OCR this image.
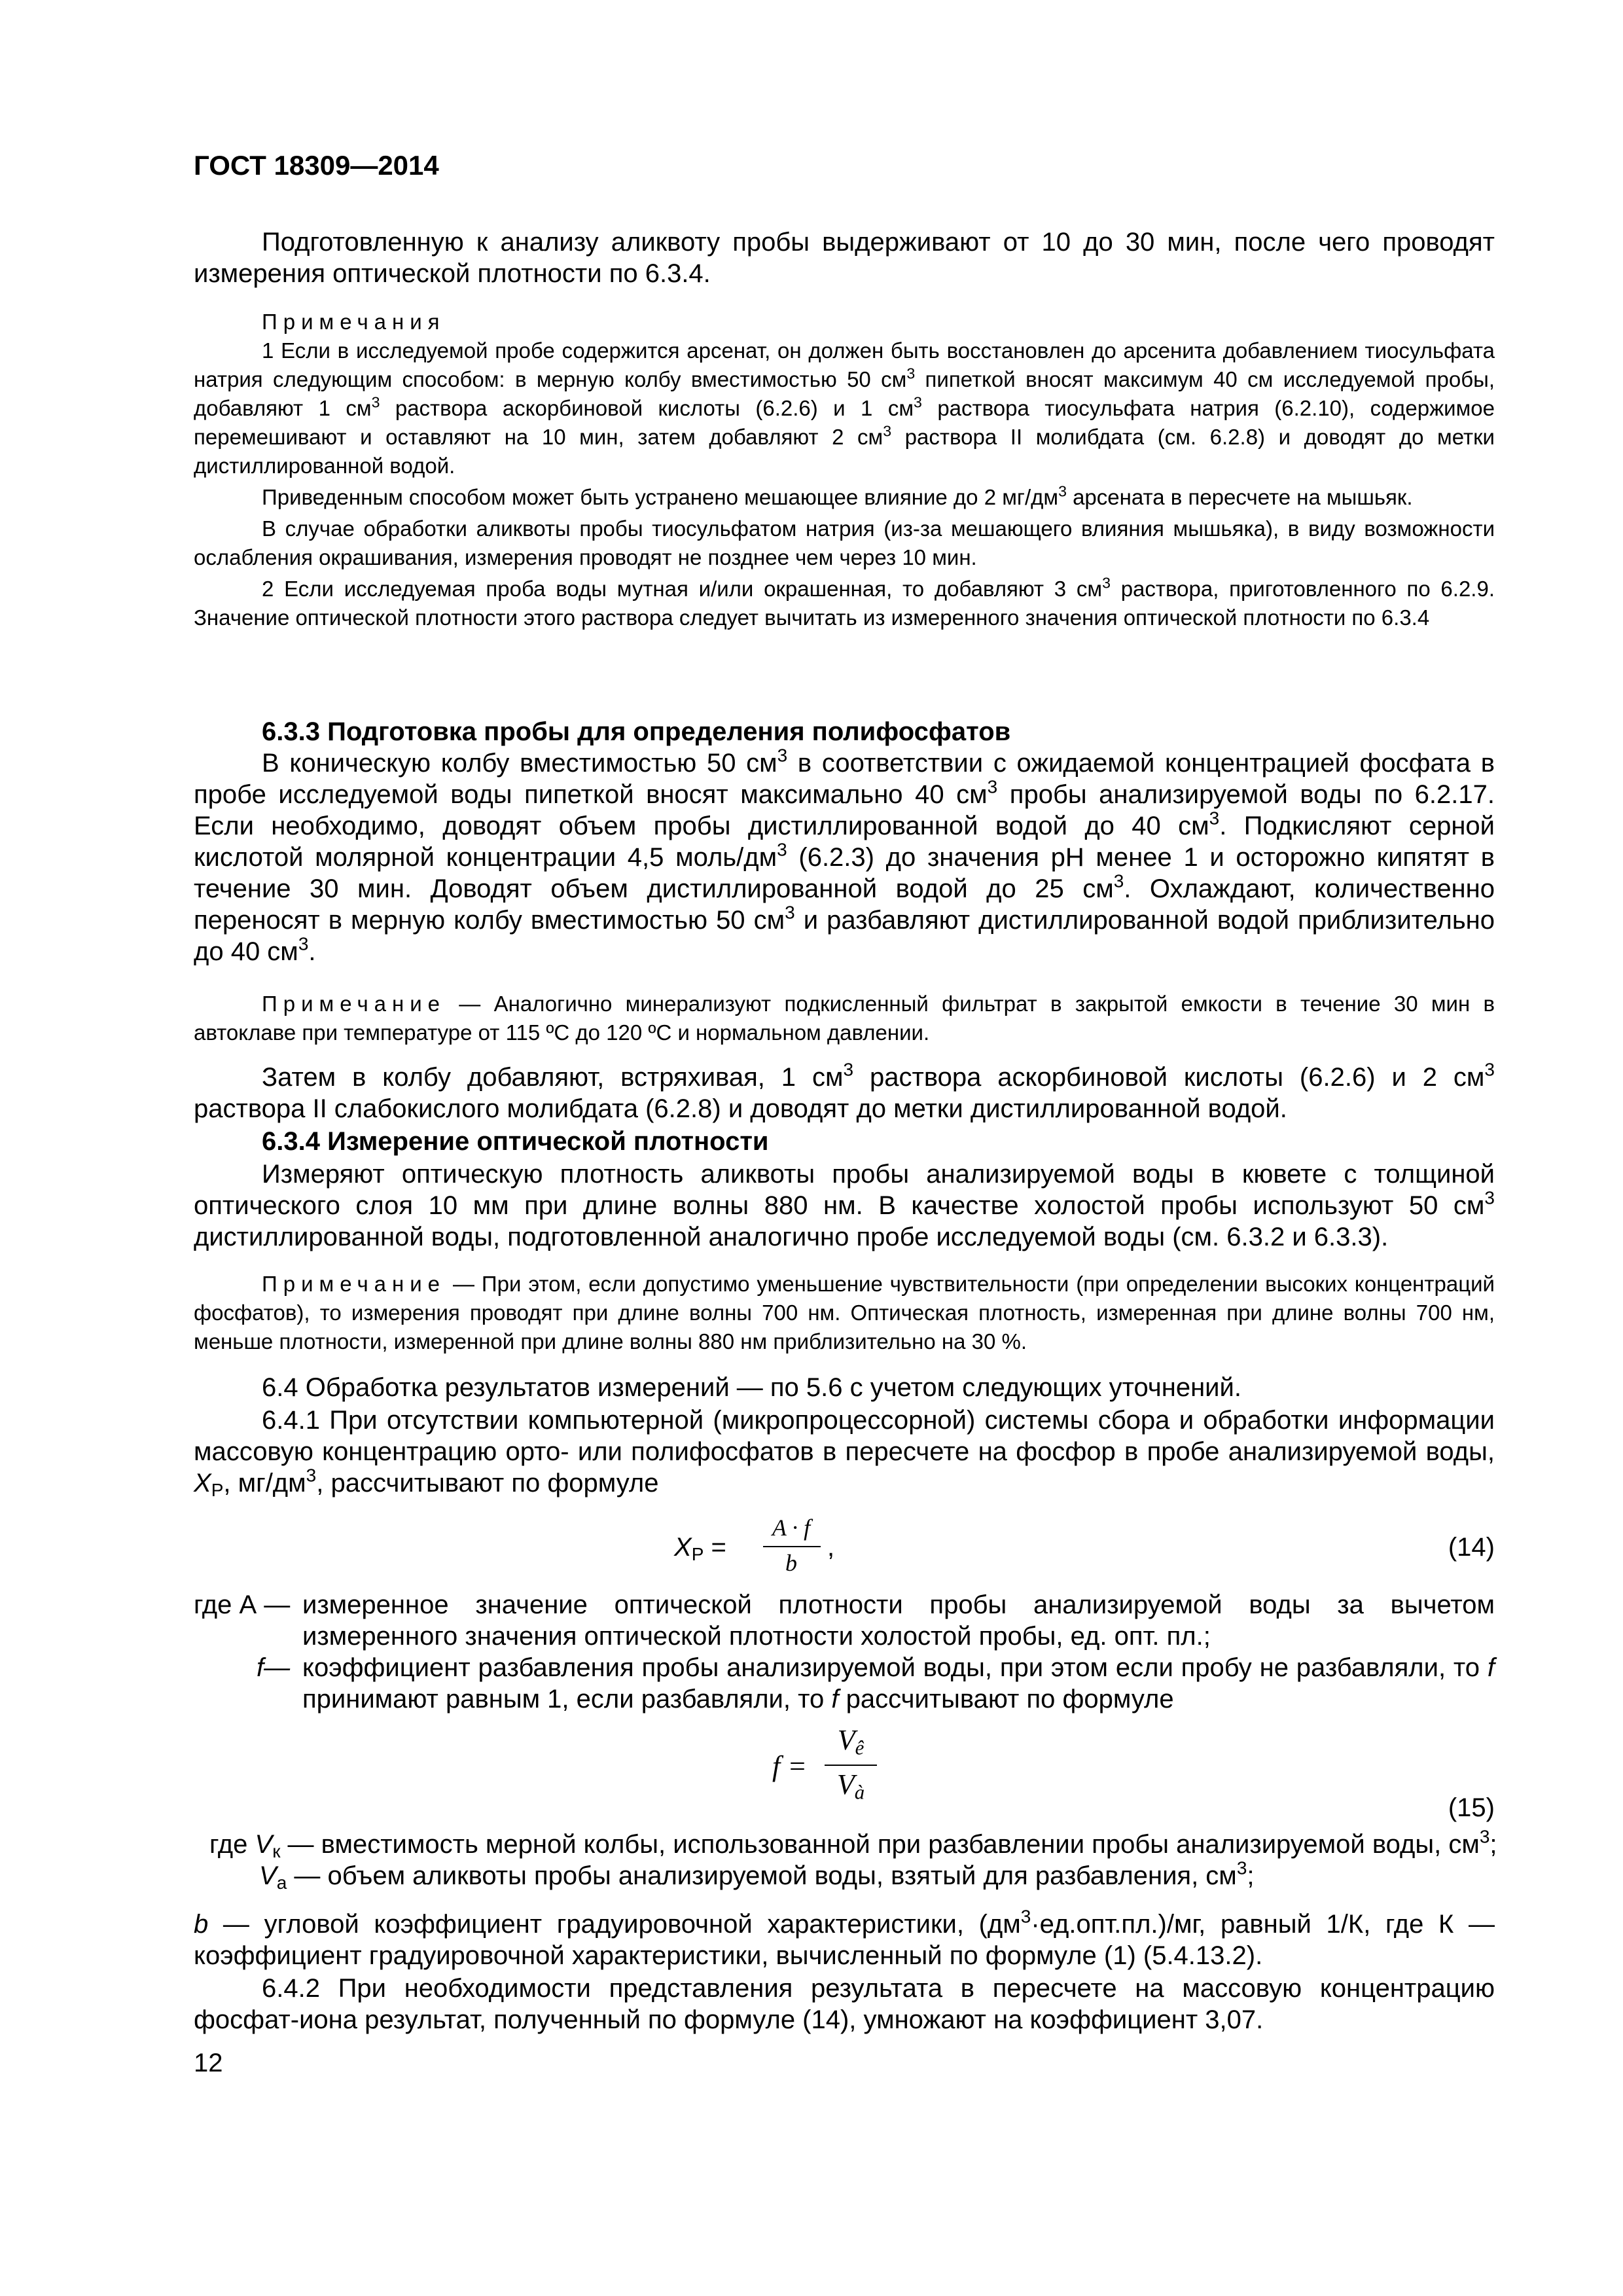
ГОСТ 18309—2014
Подготовленную к анализу аликвоту пробы выдерживают от 10 до 30 мин, после чего проводят измерения оптической плотности по 6.3.4.
Примечания
1 Если в исследуемой пробе содержится арсенат, он должен быть восстановлен до арсенита добавлением тиосульфата натрия следующим способом: в мерную колбу вместимостью 50 $см^3$ пипеткой вносят максимум 40 см исследуемой пробы, добавляют 1 $см^3$ раствора аскорбиновой кислоты (6.2.6) и 1 $см^3$ раствора тиосульфата натрия (6.2.10), содержимое перемешивают и оставляют на 10 мин, затем добавляют 2 $см^3$ раствора II молибдата (см. 6.2.8) и доводят до метки дистиллированной водой.
Приведенным способом может быть устранено мешающее влияние до 2 $мг/дм^3$ арсената в пересчете на мышьяк.
В случае обработки аликвоты пробы тиосульфатом натрия (из-за мешающего влияния мышьяка), в виду возможности ослабления окрашивания, измерения проводят не позднее чем через 10 мин.
2 Если исследуемая проба воды мутная и/или окрашенная, то добавляют 3 $см^3$ раствора, приготовленного по 6.2.9. Значение оптической плотности этого раствора следует вычитать из измеренного значения оптической плотности по 6.3.4
6.3.3 Подготовка пробы для определения полифосфатов
В коническую колбу вместимостью 50 $см^3$ в соответствии с ожидаемой концентрацией фосфата в пробе исследуемой воды пипеткой вносят максимально 40 $см^3$ пробы анализируемой воды по 6.2.17. Если необходимо, доводят объем пробы дистиллированной водой до 40 $см^3$. Подкисляют серной кислотой молярной концентрации 4,5 моль/$дм^3$ (6.2.3) до значения pH менее 1 и осторожно кипятят в течение 30 мин. Доводят объем дистиллированной водой до 25 $см^3$. Охлаждают, количественно переносят в мерную колбу вместимостью 50 $см^3$ и разбавляют дистиллированной водой приблизительно до 40 $см^3$.
Примечание — Аналогично минерализуют подкисленный фильтрат в закрытой емкости в течение 30 мин в автоклаве при температуре от 115 ºС до 120 ºС и нормальном давлении.
Затем в колбу добавляют, встряхивая, 1 $см^3$ раствора аскорбиновой кислоты (6.2.6) и 2 $см^3$ раствора II слабокислого молибдата (6.2.8) и доводят до метки дистиллированной водой.
6.3.4 Измерение оптической плотности
Измеряют оптическую плотность аликвоты пробы анализируемой воды в кювете с толщиной оптического слоя 10 мм при длине волны 880 нм. В качестве холостой пробы используют 50 $см^3$ дистиллированной воды, подготовленной аналогично пробе исследуемой воды (см. 6.3.2 и 6.3.3).
Примечание — При этом, если допустимо уменьшение чувствительности (при определении высоких концентраций фосфатов), то измерения проводят при длине волны 700 нм. Оптическая плотность, измеренная при длине волны 700 нм, меньше плотности, измеренной при длине волны 880 нм приблизительно на 30 %.
6.4 Обработка результатов измерений — по 5.6 с учетом следующих уточнений.
6.4.1 При отсутствии компьютерной (микропроцессорной) системы сбора и обработки информации массовую концентрацию орто- или полифосфатов в пересчете на фосфор в пробе анализируемой воды, $X_P$, $мг/дм^3$, рассчитывают по формуле
$X_P$ =
A · f
b
,	(14)
где А — измеренное значение оптической плотности пробы анализируемой воды за вычетом измеренного значения оптической плотности холостой пробы, ед. опт. пл.;
f— коэффициент разбавления пробы анализируемой воды, при этом если пробу не разбавляли, то f принимают равным 1, если разбавляли, то f рассчитывают по формуле
f =
$V_ê$
$V_à$
(15)
где $V_к$ — вместимость мерной колбы, использованной при разбавлении пробы анализируемой воды, $см^3$;
$V_а$ — объем аликвоты пробы анализируемой воды, взятый для разбавления, $см^3$;
b — угловой коэффициент градуировочной характеристики, $(дм^3\cdot ед.опт.пл.)/мг$, равный 1/К, где К — коэффициент градуировочной характеристики, вычисленный по формуле (1) (5.4.13.2).
6.4.2 При необходимости представления результата в пересчете на массовую концентрацию фосфат-иона результат, полученный по формуле (14), умножают на коэффициент 3,07.
12
